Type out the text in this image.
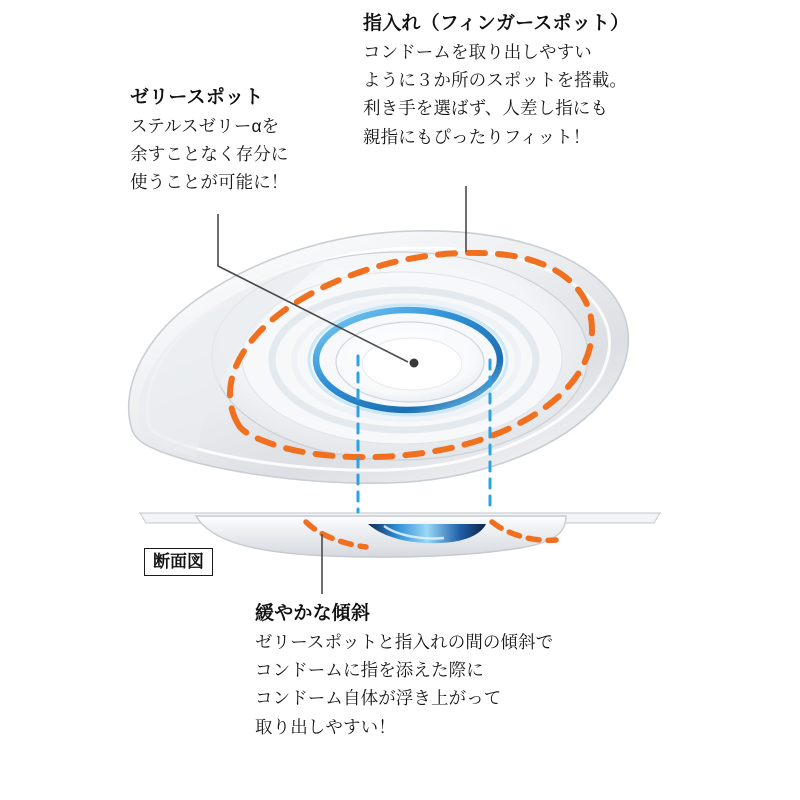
ゼリースポット
ステルスゼリーαを
余すことなく存分に
使うことが可能に！
指入れ（フィンガースポット）
コンドームを取り出しやすい
ように３か所のスポットを搭載。
利き手を選ばず、人差し指にも
親指にもぴったりフィット！
緩やかな傾斜
ゼリースポットと指入れの間の傾斜で
コンドームに指を添えた際に
コンドーム自体が浮き上がって
取り出しやすい！
断面図
